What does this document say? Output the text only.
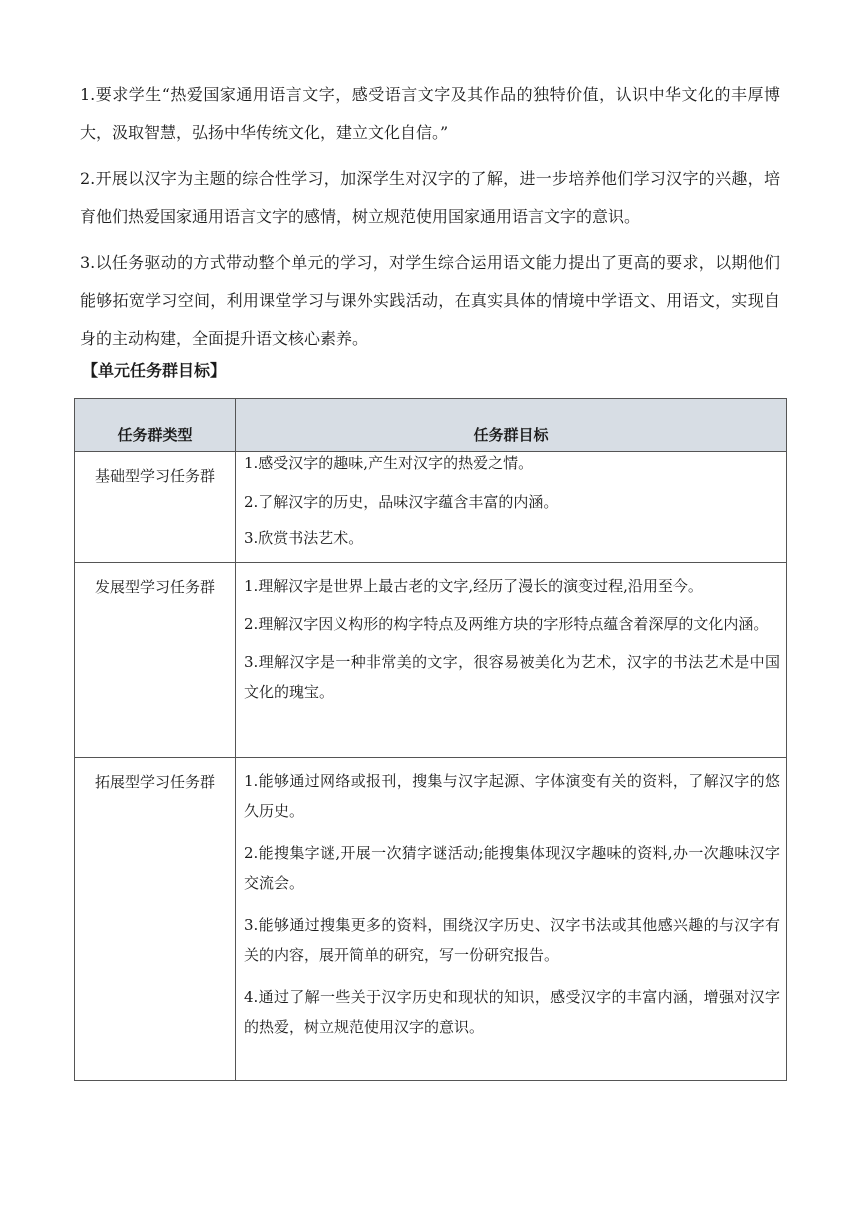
1.要求学生“热爱国家通用语言文字，感受语言文字及其作品的独特价值，认识中华文化的丰厚博大，汲取智慧，弘扬中华传统文化，建立文化自信。”

2.开展以汉字为主题的综合性学习，加深学生对汉字的了解，进一步培养他们学习汉字的兴趣，培育他们热爱国家通用语言文字的感情，树立规范使用国家通用语言文字的意识。

3.以任务驱动的方式带动整个单元的学习，对学生综合运用语文能力提出了更高的要求，以期他们能够拓宽学习空间，利用课堂学习与课外实践活动，在真实具体的情境中学语文、用语文，实现自身的主动构建，全面提升语文核心素养。

【单元任务群目标】
任务群类型	任务群目标

基础型学习任务群	1.感受汉字的趣味,产生对汉字的热爱之情。

2.了解汉字的历史，品味汉字蕴含丰富的内涵。

3.欣赏书法艺术。

发展型学习任务群	1.理解汉字是世界上最古老的文字,经历了漫长的演变过程,沿用至今。

2.理解汉字因义构形的构字特点及两维方块的字形特点蕴含着深厚的文化内涵。

3.理解汉字是一种非常美的文字，很容易被美化为艺术，汉字的书法艺术是中国文化的瑰宝。

拓展型学习任务群	1.能够通过网络或报刊，搜集与汉字起源、字体演变有关的资料，了解汉字的悠久历史。

2.能搜集字谜,开展一次猜字谜活动;能搜集体现汉字趣味的资料,办一次趣味汉字交流会。

3.能够通过搜集更多的资料，围绕汉字历史、汉字书法或其他感兴趣的与汉字有关的内容，展开简单的研究，写一份研究报告。

4.通过了解一些关于汉字历史和现状的知识，感受汉字的丰富内涵，增强对汉字的热爱，树立规范使用汉字的意识。
